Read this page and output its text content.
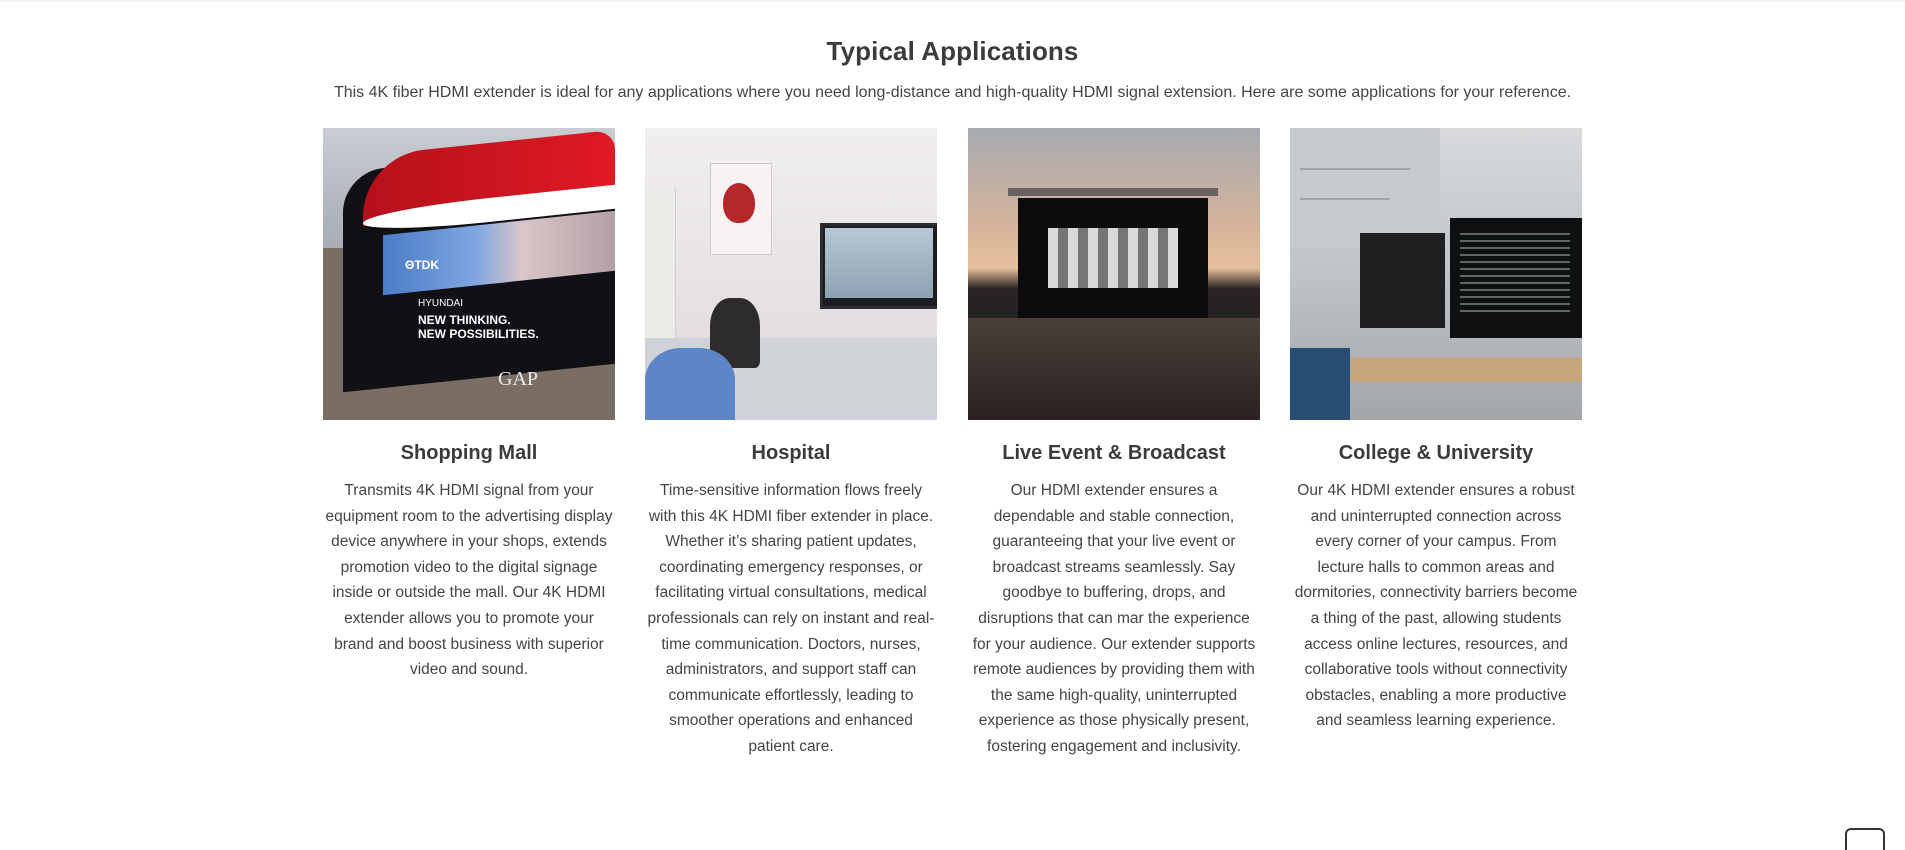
Typical Applications
This 4K fiber HDMI extender is ideal for any applications where you need long-distance and high-quality HDMI signal extension. Here are some applications for your reference.
ΘTDK
NEW THINKING.
NEW POSSIBILITIES.
HYUNDAI
GAP
Shopping Mall
Transmits 4K HDMI signal from your equipment room to the advertising display device anywhere in your shops, extends promotion video to the digital signage inside or outside the mall. Our 4K HDMI extender allows you to promote your brand and boost business with superior video and sound.
Hospital
Time-sensitive information flows freely with this 4K HDMI fiber extender in place. Whether it’s sharing patient updates, coordinating emergency responses, or facilitating virtual consultations, medical professionals can rely on instant and real-time communication. Doctors, nurses, administrators, and support staff can communicate effortlessly, leading to smoother operations and enhanced patient care.
Live Event & Broadcast
Our HDMI extender ensures a dependable and stable connection, guaranteeing that your live event or broadcast streams seamlessly. Say goodbye to buffering, drops, and disruptions that can mar the experience for your audience. Our extender supports remote audiences by providing them with the same high-quality, uninterrupted experience as those physically present, fostering engagement and inclusivity.
College & University
Our 4K HDMI extender ensures a robust and uninterrupted connection across every corner of your campus. From lecture halls to common areas and dormitories, connectivity barriers become a thing of the past, allowing students access online lectures, resources, and collaborative tools without connectivity obstacles, enabling a more productive and seamless learning experience.
